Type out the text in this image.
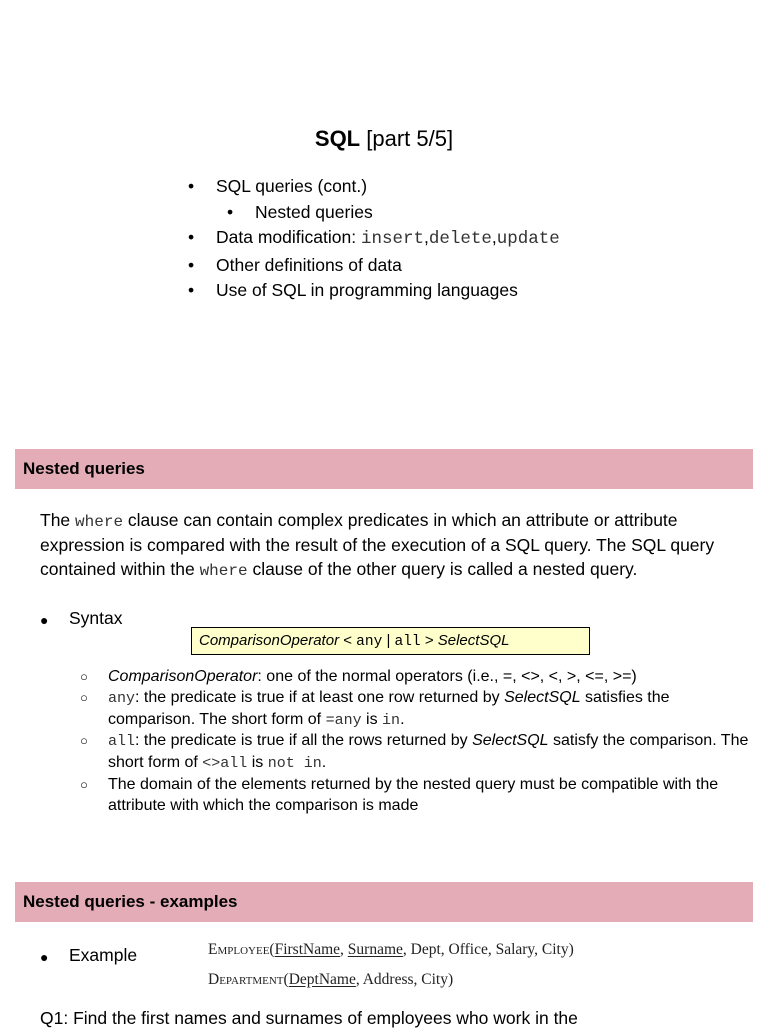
SQL [part 5/5]
• SQL queries (cont.)
• Nested queries
• Data modification: insert,delete,update
• Other definitions of data
• Use of SQL in programming languages
Nested queries
The where clause can contain complex predicates in which an attribute or attribute expression is compared with the result of the execution of a SQL query. The SQL query contained within the where clause of the other query is called a nested query.
● Syntax
ComparisonOperator < any | all > SelectSQL
○ ComparisonOperator: one of the normal operators (i.e., =, <>, <, >, <=, >=)
○ any: the predicate is true if at least one row returned by SelectSQL satisfies the comparison. The short form of =any is in.
○ all: the predicate is true if all the rows returned by SelectSQL satisfy the comparison. The short form of <>all is not in.
○ The domain of the elements returned by the nested query must be compatible with the attribute with which the comparison is made
Nested queries - examples
● Example	Employee(FirstName, Surname, Dept, Office, Salary, City)
Department(DeptName, Address, City)
Q1: Find the first names and surnames of employees who work in the
